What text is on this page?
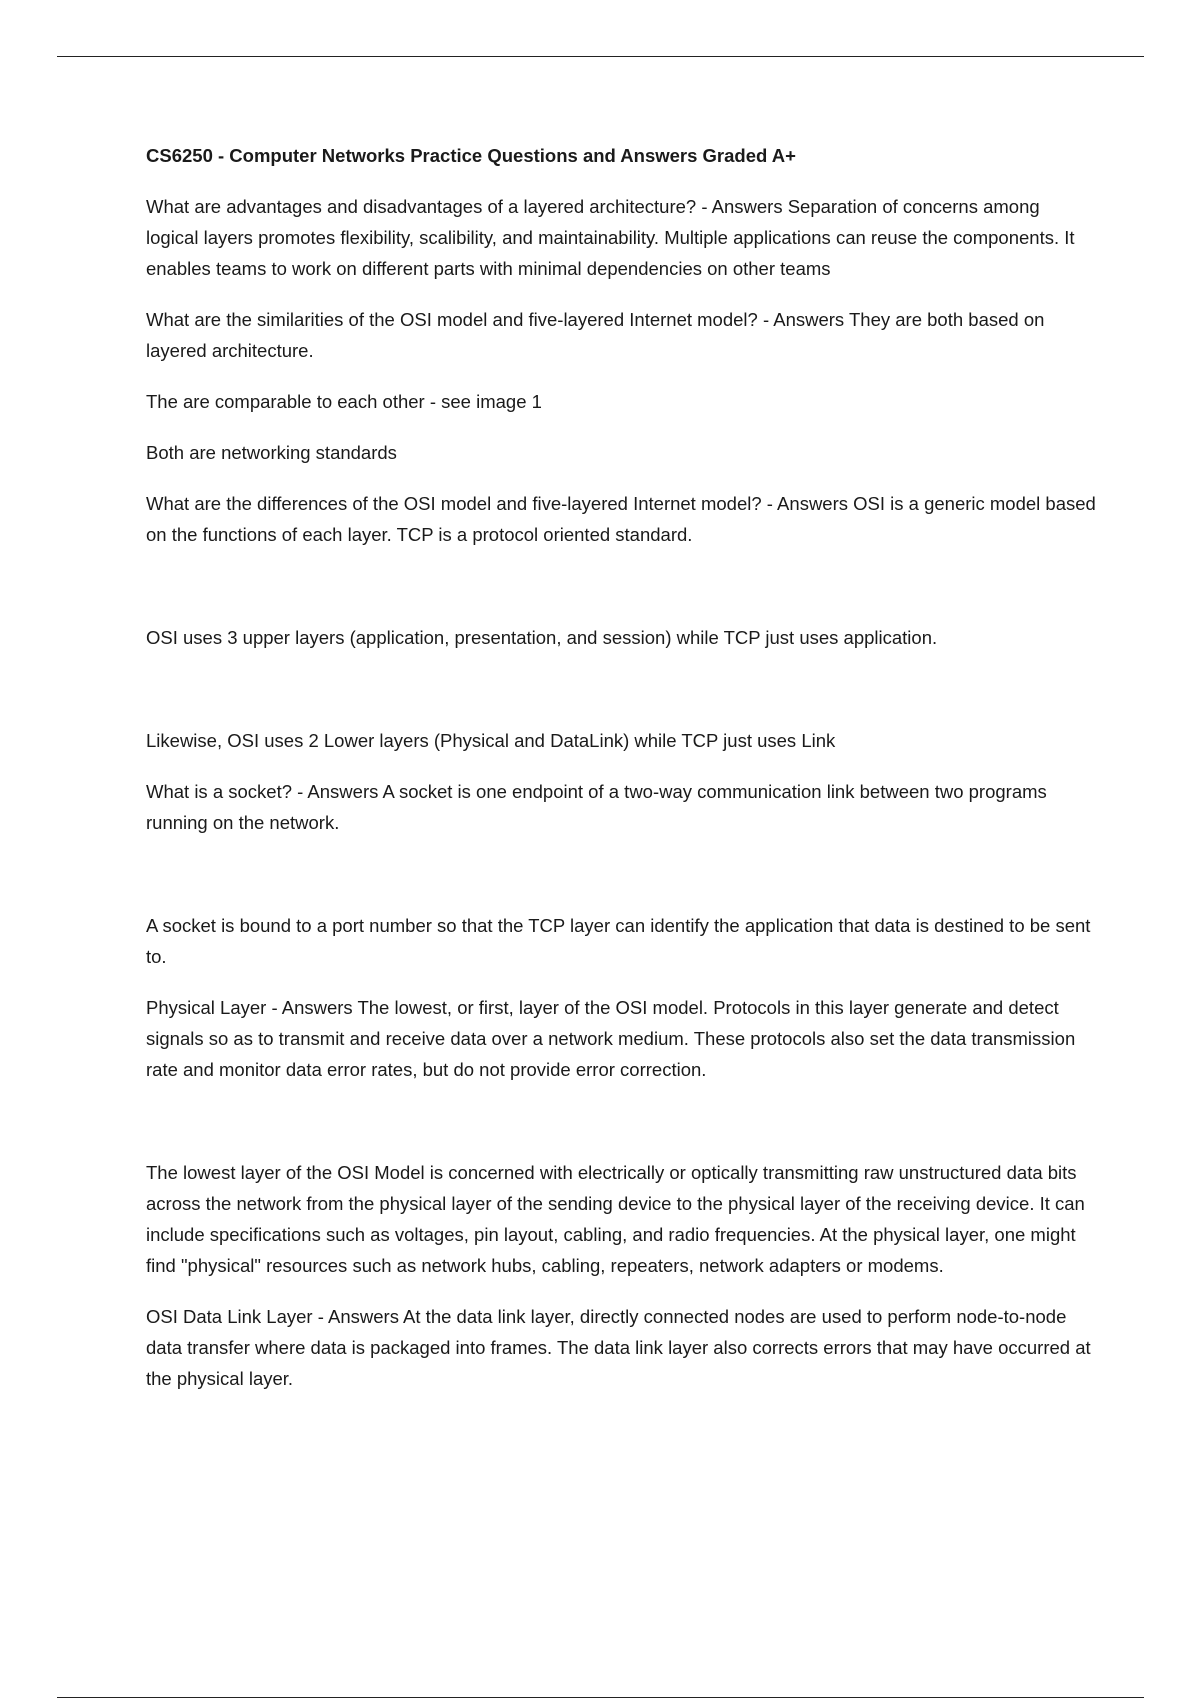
CS6250 - Computer Networks Practice Questions and Answers Graded A+

What are advantages and disadvantages of a layered architecture? - Answers Separation of concerns among logical layers promotes flexibility, scalibility, and maintainability. Multiple applications can reuse the components. It enables teams to work on different parts with minimal dependencies on other teams

What are the similarities of the OSI model and five-layered Internet model? - Answers They are both based on layered architecture.

The are comparable to each other - see image 1

Both are networking standards

What are the differences of the OSI model and five-layered Internet model? - Answers OSI is a generic model based on the functions of each layer. TCP is a protocol oriented standard.

OSI uses 3 upper layers (application, presentation, and session) while TCP just uses application.

Likewise, OSI uses 2 Lower layers (Physical and DataLink) while TCP just uses Link

What is a socket? - Answers A socket is one endpoint of a two-way communication link between two programs running on the network.

A socket is bound to a port number so that the TCP layer can identify the application that data is destined to be sent to.

Physical Layer - Answers The lowest, or first, layer of the OSI model. Protocols in this layer generate and detect signals so as to transmit and receive data over a network medium. These protocols also set the data transmission rate and monitor data error rates, but do not provide error correction.

The lowest layer of the OSI Model is concerned with electrically or optically transmitting raw unstructured data bits across the network from the physical layer of the sending device to the physical layer of the receiving device. It can include specifications such as voltages, pin layout, cabling, and radio frequencies. At the physical layer, one might find "physical" resources such as network hubs, cabling, repeaters, network adapters or modems.

OSI Data Link Layer - Answers At the data link layer, directly connected nodes are used to perform node-to-node data transfer where data is packaged into frames. The data link layer also corrects errors that may have occurred at the physical layer.
